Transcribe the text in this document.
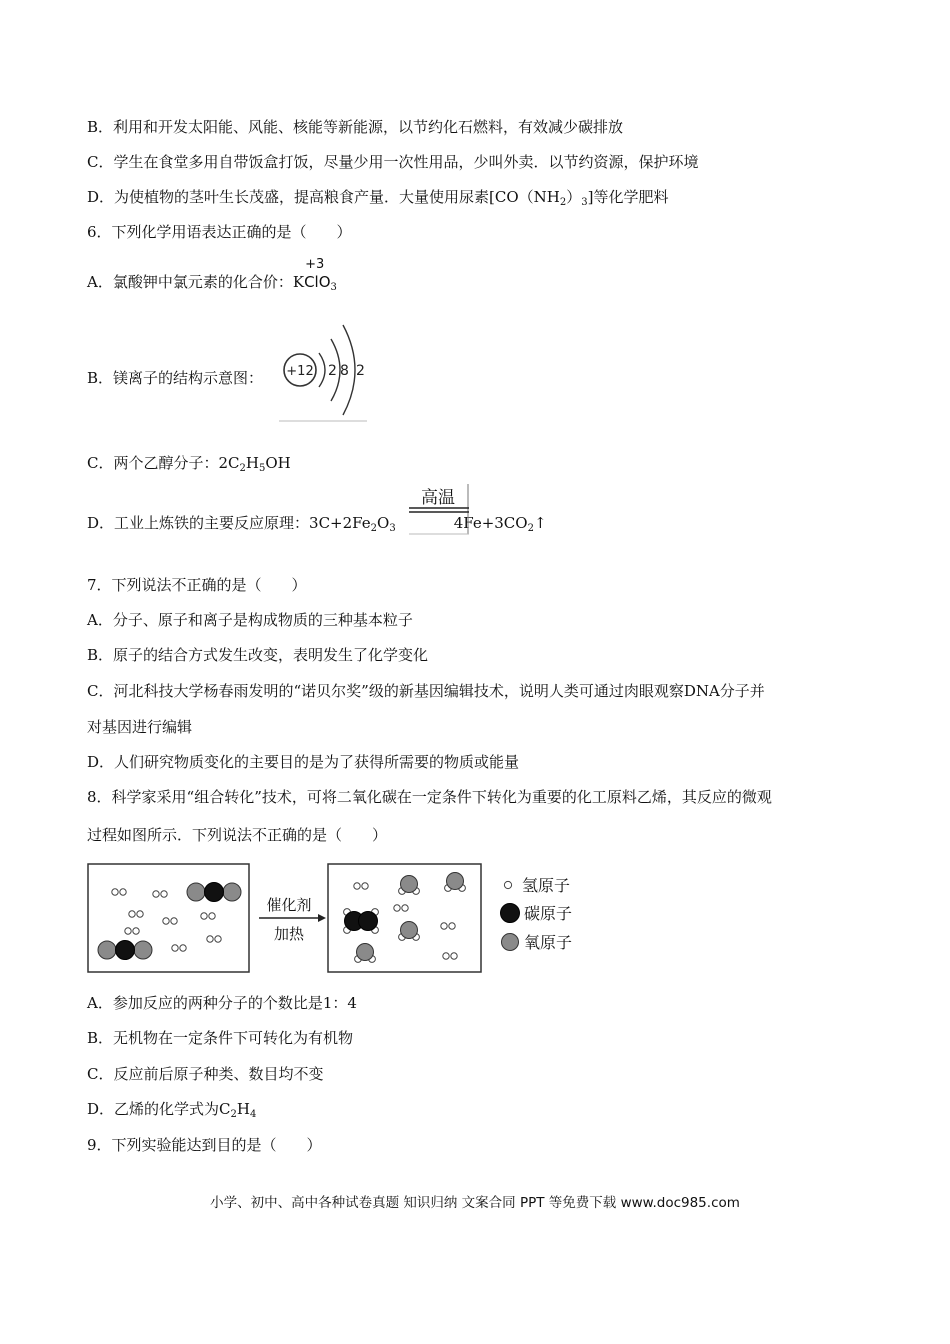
B．利用和开发太阳能、风能、核能等新能源，以节约化石燃料，有效减少碳排放
C．学生在食堂多用自带饭盒打饭，尽量少用一次性用品，少叫外卖．以节约资源，保护环境
D．为使植物的茎叶生长茂盛，提高粮食产量．大量使用尿素$[CO(NH_2)_3]$等化学肥料
6．下列化学用语表达正确的是（　　）
A．氯酸钾中氯元素的化合价：K
+3
ClO$_3$
B．镁离子的结构示意图： +12 2 8 2
C．两个乙醇分子：$2C_2H_5OH$
D．工业上炼铁的主要反应原理：$3C+2Fe_2O_3$	$4Fe+3CO_2↑$
高温
7．下列说法不正确的是（　　）
A．分子、原子和离子是构成物质的三种基本粒子
B．原子的结合方式发生改变，表明发生了化学变化
C．河北科技大学杨春雨发明的“诺贝尔奖”级的新基因编辑技术，说明人类可通过肉眼观察DNA分子并
对基因进行编辑
D．人们研究物质变化的主要目的是为了获得所需要的物质或能量
8．科学家采用“组合转化”技术，可将二氧化碳在一定条件下转化为重要的化工原料乙烯，其反应的微观
过程如图所示．下列说法不正确的是（　　）
催化剂
加热
氢原子
碳原子
氧原子
A．参加反应的两种分子的个数比是1：4
B．无机物在一定条件下可转化为有机物
C．反应前后原子种类、数目均不变
D．乙烯的化学式为$C_2H_4$
9．下列实验能达到目的是（　　）
小学、初中、高中各种试卷真题 知识归纳 文案合同 PPT 等免费下载 www.doc985.com
